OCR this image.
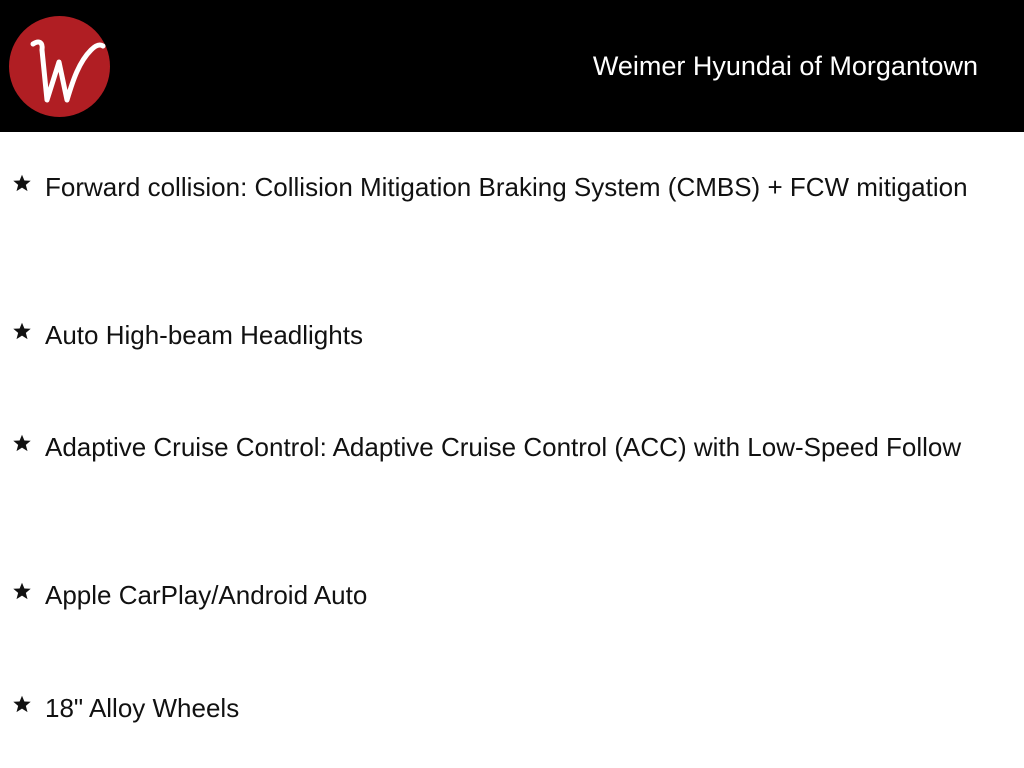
Weimer Hyundai of Morgantown
Forward collision: Collision Mitigation Braking System (CMBS) + FCW mitigation
Auto High-beam Headlights
Adaptive Cruise Control: Adaptive Cruise Control (ACC) with Low-Speed Follow
Apple CarPlay/Android Auto
18" Alloy Wheels
